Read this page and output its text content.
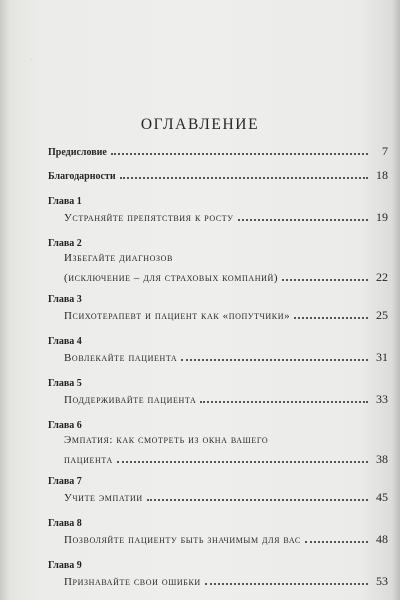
.
ОГЛАВЛЕНИЕ
Предисловие	7
Благодарности	18
Глава 1
Устраняйте препятствия к росту	19
Глава 2
Избегайте диагнозов
(исключение – для страховых компаний)	22
Глава 3
Психотерапевт и пациент как «попутчики»	25
Глава 4
Вовлекайте пациента	31
Глава 5
Поддерживайте пациента	33
Глава 6
Эмпатия: как смотреть из окна вашего
пациента	38
Глава 7
Учите эмпатии	45
Глава 8
Позволяйте пациенту быть значимым для вас	48
Глава 9
Признавайте свои ошибки	53
